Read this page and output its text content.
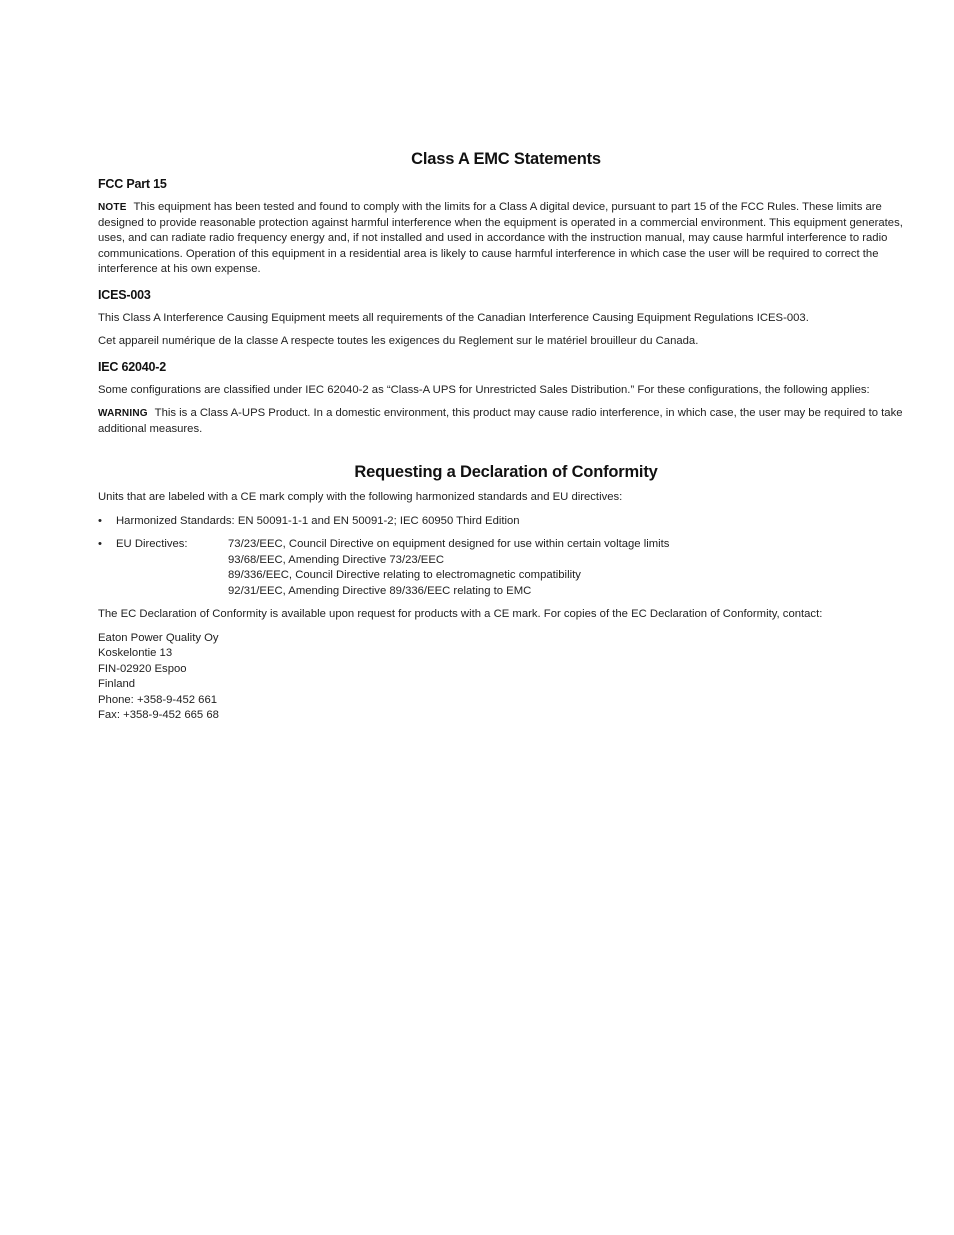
Class A EMC Statements
FCC Part 15

NOTE This equipment has been tested and found to comply with the limits for a Class A digital device, pursuant to part 15 of the FCC Rules. These limits are designed to provide reasonable protection against harmful interference when the equipment is operated in a commercial environment. This equipment generates, uses, and can radiate radio frequency energy and, if not installed and used in accordance with the instruction manual, may cause harmful interference to radio communications. Operation of this equipment in a residential area is likely to cause harmful interference in which case the user will be required to correct the interference at his own expense.

ICES-003

This Class A Interference Causing Equipment meets all requirements of the Canadian Interference Causing Equipment Regulations ICES-003.

Cet appareil numérique de la classe A respecte toutes les exigences du Reglement sur le matériel brouilleur du Canada.

IEC 62040-2

Some configurations are classified under IEC 62040-2 as “Class-A UPS for Unrestricted Sales Distribution.” For these configurations, the following applies:

WARNING This is a Class A-UPS Product. In a domestic environment, this product may cause radio interference, in which case, the user may be required to take additional measures.

Requesting a Declaration of Conformity

Units that are labeled with a CE mark comply with the following harmonized standards and EU directives:

• Harmonized Standards: EN 50091-1-1 and EN 50091-2; IEC 60950 Third Edition
• EU Directives:	73/23/EEC, Council Directive on equipment designed for use within certain voltage limits
93/68/EEC, Amending Directive 73/23/EEC
89/336/EEC, Council Directive relating to electromagnetic compatibility
92/31/EEC, Amending Directive 89/336/EEC relating to EMC

The EC Declaration of Conformity is available upon request for products with a CE mark. For copies of the EC Declaration of Conformity, contact:

Eaton Power Quality Oy
Koskelontie 13
FIN-02920 Espoo
Finland
Phone: +358-9-452 661
Fax: +358-9-452 665 68
